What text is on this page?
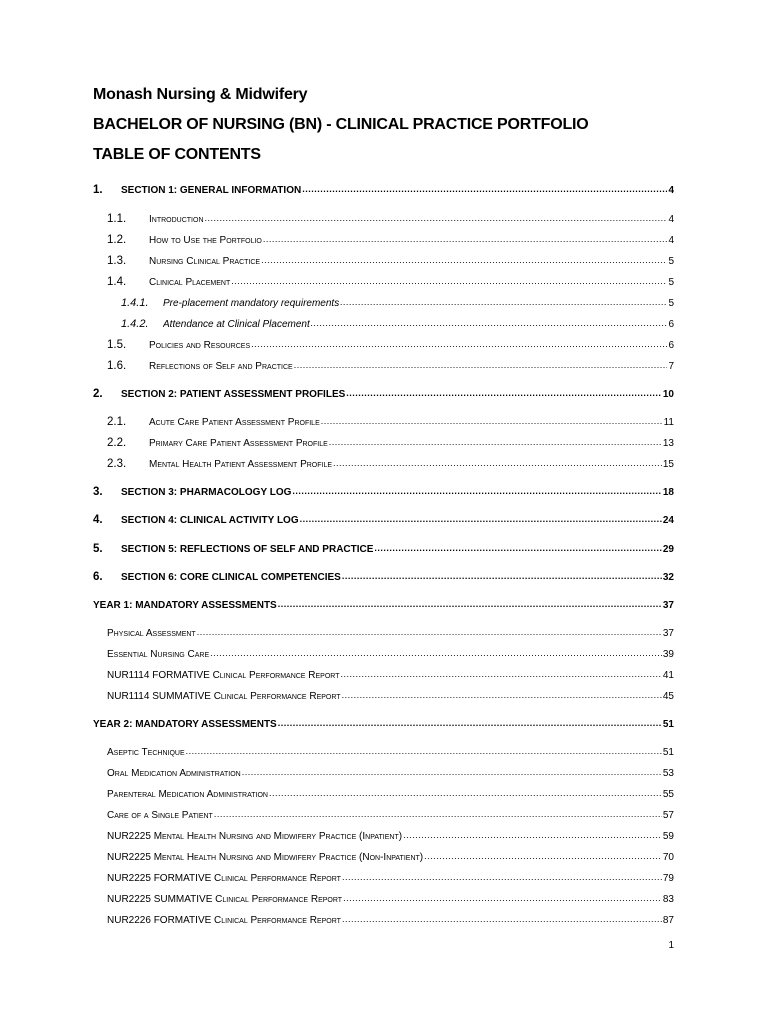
Monash Nursing & Midwifery
BACHELOR OF NURSING (BN) - CLINICAL PRACTICE PORTFOLIO
TABLE OF CONTENTS
1. SECTION 1: GENERAL INFORMATION .....	4
1.1. Introduction .....	4
1.2. How to Use the Portfolio .....	4
1.3. Nursing Clinical Practice .....	5
1.4. Clinical Placement .....	5
1.4.1. Pre-placement mandatory requirements .....	5
1.4.2. Attendance at Clinical Placement .....	6
1.5. Policies and Resources .....	6
1.6. Reflections of Self and Practice .....	7
2. SECTION 2: PATIENT ASSESSMENT PROFILES .....	10
2.1. Acute Care Patient Assessment Profile .....	11
2.2. Primary Care Patient Assessment Profile .....	13
2.3. Mental Health Patient Assessment Profile .....	15
3. SECTION 3: PHARMACOLOGY LOG .....	18
4. SECTION 4: CLINICAL ACTIVITY LOG .....	24
5. SECTION 5: REFLECTIONS OF SELF AND PRACTICE .....	29
6. SECTION 6: CORE CLINICAL COMPETENCIES .....	32
YEAR 1: MANDATORY ASSESSMENTS .....	37
Physical Assessment .....	37
Essential Nursing Care .....	39
NUR1114 FORMATIVE Clinical Performance Report .....	41
NUR1114 SUMMATIVE Clinical Performance Report .....	45
YEAR 2: MANDATORY ASSESSMENTS .....	51
Aseptic Technique .....	51
Oral Medication Administration .....	53
Parenteral Medication Administration .....	55
Care of a Single Patient .....	57
NUR2225 Mental Health Nursing and Midwifery Practice (Inpatient) .....	59
NUR2225 Mental Health Nursing and Midwifery Practice (Non-Inpatient) .....	70
NUR2225 FORMATIVE Clinical Performance Report .....	79
NUR2225 SUMMATIVE Clinical Performance Report .....	83
NUR2226 FORMATIVE Clinical Performance Report .....	87
1
